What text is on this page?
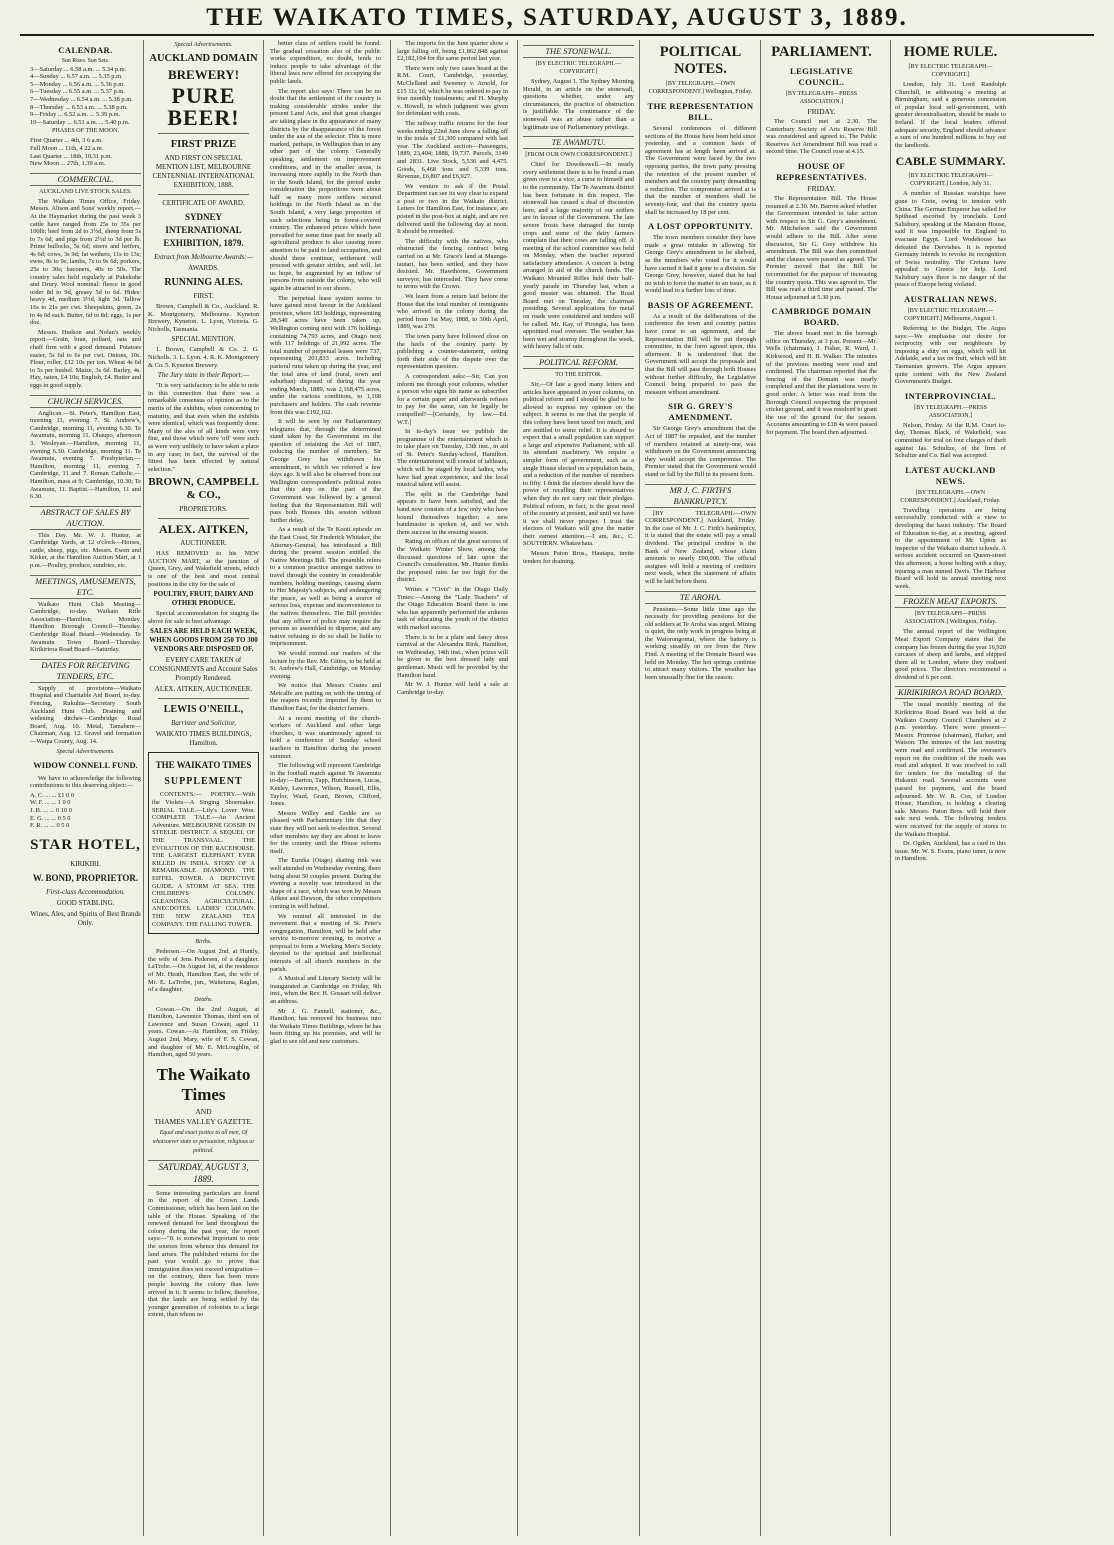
THE WAIKATO TIMES, SATURDAY, AUGUST 3, 1889.
CALENDAR.
Sun Rises. Sun Sets.
3—Saturday ... 6.58 a.m. ... 5.34 p.m.
4—Sunday ... 6.57 a.m. ... 5.35 p.m.
5—Monday ... 6.56 a.m. ... 5.36 p.m.
6—Tuesday ... 6.55 a.m. ... 5.37 p.m.
7—Wednesday ... 6.54 a.m. ... 5.38 p.m.
8—Thursday ... 6.53 a.m. ... 5.38 p.m.
9—Friday ... 6.52 a.m. ... 5.39 p.m.
10—Saturday ... 6.51 a.m. ... 5.40 p.m.
PHASES OF THE MOON.
First Quarter ... 4th, 3 6 a.m.
Full Moon ... 11th, 4 22 a.m.
Last Quarter ... 18th, 10.31 p.m.
New Moon ... 27th, 1.39 a.m.
COMMERCIAL.
AUCKLAND LIVE STOCK SALES.

The Waikato Times Office, Friday. Messrs. Alison and Sons' weekly report.—At the Haymarket during the past week 3 cattle have ranged from 25s to 35s per 100lb; beef from 2d to 3½d, sheep from 5s to 7s 6d, and pigs from 2½d to 3d per lb. Prime bullocks, 5s 6d; steers and heifers, 4s 6d; cows, 3s 9d; fat wethers, 11s to 13s; ewes, 8s to 9s; lambs, 7s to 9s 6d; porkers, 25s to 30s; baconers, 40s to 50s. The country sales held regularly at Pukekohe and Drury. Wool nominal: fleece in good order 8d to 9d, greasy 5d to 6d. Hides: heavy 4d, medium 3½d, light 3d. Tallow 16s to 21s per cwt. Sheepskins, green, 2s to 4s 6d each. Butter, 6d to 8d; eggs, 1s per doz.

Messrs. Hudson and Nolan's weekly report.—Grain, bran, pollard, oats and chaff firm with a good demand. Potatoes easier, 5s 6d to 6s per cwt. Onions, 10s. Flour, roller, £12 10s per ton. Wheat 4s 6d to 5s per bushel. Maize, 3s 6d. Barley, 4s. Hay, oaten, £4 10s; English, £4. Butter and eggs in good supply.

CHURCH SERVICES.

Anglican.—St. Peter's, Hamilton East, morning 11, evening 7. St. Andrew's, Cambridge, morning 11, evening 6.30. Te Awamutu, morning 11. Ohaupo, afternoon 3. Wesleyan.—Hamilton, morning 11, evening 6.30. Cambridge, morning 11. Te Awamutu, evening 7. Presbyterian.—Hamilton, morning 11, evening 7. Cambridge, 11 and 7. Roman Catholic.—Hamilton, mass at 9; Cambridge, 10.30; Te Awamutu, 11. Baptist.—Hamilton, 11 and 6.30.

ABSTRACT OF SALES BY AUCTION.

This Day. Mr. W. J. Hunter, at Cambridge Yards, at 12 o'clock—Horses, cattle, sheep, pigs, etc. Messrs. Ewen and Kirker, at the Hamilton Auction Mart, at 1 p.m.—Poultry, produce, sundries, etc.

MEETINGS, AMUSEMENTS, ETC.

Waikato Hunt Club Meeting—Cambridge, to-day. Waikato Rifle Association—Hamilton, Monday. Hamilton Borough Council—Tuesday. Cambridge Road Board—Wednesday. Te Awamutu Town Board—Thursday. Kirikiriroa Road Board—Saturday.

DATES FOR RECEIVING TENDERS, ETC.

Supply of provisions—Waikato Hospital and Charitable Aid Board, to-day. Fencing, Rukuhia—Secretary South Auckland Hunt Club. Draining and widening ditches—Cambridge Road Board, Aug. 10. Metal, Tamahere—Chairman, Aug. 12. Gravel and formation—Waipa County, Aug. 14.

Special Advertisements.
WIDOW CONNELL FUND.

We have to acknowledge the following contributions to this deserving object:—

A. C. ... ... £1 0 0
W. F. ... ... 1 0 0
J. B. ... ... 0 10 0
E. G. ... ... 0 5 0
F. R. ... ... 0 5 0
STAR HOTEL,
KIRIKIRI.
W. BOND, PROPRIETOR.
First-class Accommodation.
GOOD STABLING.
Wines, Ales, and Spirits of Best Brands Only.
Special Advertisements.
AUCKLAND DOMAIN
BREWERY!
PURE BEER!
FIRST PRIZE
AND FIRST ON SPECIAL MENTION LIST, MELBOURNE CENTENNIAL INTERNATIONAL EXHIBITION, 1888.
CERTIFICATE OF AWARD.
SYDNEY INTERNATIONAL EXHIBITION, 1879.
Extract from Melbourne Awards:—
AWARDS.
RUNNING ALES.
FIRST.

Brown, Campbell & Co., Auckland. R. K. Montgomery, Melbourne. Kyneton Brewery, Kyneton. L. Lyon, Victoria. G. Nicholls, Tasmania.

SPECIAL MENTION.

1. Brown, Campbell & Co. 2. G. Nicholls. 3. L. Lyon. 4. R. K. Montgomery & Co. 5. Kyneton Brewery.

The Jury state in their Report:—

"It is very satisfactory to be able to note in this connection that there was a remarkable consensus of opinion as to the merits of the exhibits, when concerning to maturity, and that even when the exhibits were identical, which was frequently done. Many of the ales of all kinds were very fine, and those which were 'off' were such as were very unlikely to have taken a place in any case; in fact, the survival of the fittest has been effected by natural selection."

BROWN, CAMPBELL & CO.,
PROPRIETORS.
ALEX. AITKEN,
AUCTIONEER.

HAS REMOVED to his NEW AUCTION MART, at the junction of Queen, Grey, and Wakefield streets, which is one of the best and most central positions in the city for the sale of

POULTRY, FRUIT, DAIRY AND OTHER PRODUCE.

Special accommodation for staging the above for sale to best advantage.

SALES ARE HELD EACH WEEK, WHEN GOODS FROM 250 TO 300 VENDORS ARE DISPOSED OF.
EVERY CARE TAKEN of CONSIGNMENTS and Account Sales Promptly Rendered.
ALEX. AITKEN, AUCTIONEER.
LEWIS O'NEILL,
Barrister and Solicitor,
WAIKATO TIMES BUILDINGS, Hamilton.
THE WAIKATO TIMES
SUPPLEMENT

CONTENTS:— POETRY.—With the Violets—A Singing Shoemaker. SERIAL TALE.—Lily's Lover Won. COMPLETE TALE.—An Ancient Adventure. MELBOURNE GOSSIP. IN STEELIE DISTRICT. A SEQUEL OF THE TRANSVAAL. THE EVOLUTION OF THE RACEHORSE. THE LARGEST ELEPHANT EVER KILLED IN INDIA. STORY OF A REMARKABLE DIAMOND. THE EIFFEL TOWER. A DEFECTIVE GUIDE. A STORM AT SEA. THE CHILDREN'S COLUMN. GLEANINGS. AGRICULTURAL. ANECDOTES. LADIES' COLUMN. THE NEW ZEALAND TEA COMPANY. THE FALLING TOWER.

Births.

Pedersen.—On August 2nd, at Huntly, the wife of Jens Pedersen, of a daughter. LaTrobe.—On August 1st, at the residence of Mr. Heath, Hamilton East, the wife of Mr. E. LaTrobe, jun., Waitetuna, Raglan, of a daughter.

Deaths.

Cowan.—On the 2nd August, at Hamilton, Lawrence Thomas, third son of Lawrence and Susan Cowan; aged 11 years. Cowan.—At Hamilton, on Friday, August 2nd, Mary, wife of F. S. Cowan, and daughter of Mr. E. McLoughlin, of Hamilton, aged 50 years.

The Waikato Times
AND
THAMES VALLEY GAZETTE.
Equal and exact justice to all men, Of whatsoever state or persuasion, religious or political.
SATURDAY, AUGUST 3, 1889.

Some interesting particulars are found in the report of the Crown Lands Commissioner, which has been laid on the table of the House. Speaking of the renewed demand for land throughout the colony during the past year, the report says:—"It is somewhat important to note the sources from whence this demand for land arises. The published returns for the past year would go to prove that immigration does not exceed emigration—on the contrary, there has been more people leaving the colony than have arrived in it. It seems to follow, therefore, that the lands are being settled by the younger generation of colonists to a large extent, than whom no

better class of settlers could be found. The gradual cessation also of the public works expenditure, no doubt, tends to induce people to take advantage of the liberal laws now offered for occupying the public lands.

The report also says: There can be no doubt that the settlement of the country is making considerable strides under the present Land Acts, and that great changes are taking place in the appearance of many districts by the disappearance of the forest under the axe of the selector. This is more marked, perhaps, in Wellington than in any other part of the colony. Generally speaking, settlement on improvement conditions, and in the smaller areas, is increasing more rapidly in the North than in the South Island, for the period under consideration the proportions were about half as many more settlers secured holdings in the North Island as in the South Island, a very large proportion of such selections being in forest-covered country. The enhanced prices which have prevailed for some time past for nearly all agricultural produce is also causing more attention to be paid to land occupation, and should these continue, settlement will proceed with greater strides, and will, let us hope, be augmented by an inflow of persons from outside the colony, who will again be attracted to our shores.

The perpetual lease system seems to have gained most favour in the Auckland province, where 183 holdings, representing 28,540 acres have been taken up, Wellington coming next with 176 holdings containing 74,793 acres, and Otago next with 117 holdings of 21,992 acres. The total number of perpetual leases were 737, representing 201,833 acres. Including pastoral runs taken up during the year, and the total area of land (rural, town and suburban) disposed of during the year ending March, 1889, was 2,168,475 acres, under the various conditions, to 1,168 purchasers and holders. The cash revenue from this was £192,162.

It will be seen by our Parliamentary telegrams that, through the determined stand taken by the Government on the question of retaining the Act of 1887, reducing the number of members, Sir George Grey has withdrawn his amendment, to which we referred a few days ago. It will also be observed from our Wellington correspondent's political notes that this step on the part of the Government was followed by a general feeling that the Representation Bill will pass both Houses this session without further delay.

As a result of the Te Kooti episode on the East Coast, Sir Frederick Whitaker, the Attorney-General, has introduced a Bill during the present session entitled the Native Meetings Bill. The preamble refers to a common practice amongst natives to travel through the country in considerable numbers, holding meetings, causing alarm to Her Majesty's subjects, and endangering the peace, as well as being a source of serious loss, expense and inconvenience to the natives themselves. The Bill provides that any officer of police may require the persons so assembled to disperse, and any native refusing to do so shall be liable to imprisonment.

We would remind our readers of the lecture by the Rev. Mr. Gittos, to be held at St. Andrew's Hall, Cambridge, on Monday evening.

We notice that Messrs Coates and Metcalfe are putting on with the timing of the reapers recently imported by them to Hamilton East, for the district farmers.

At a recent meeting of the church-workers of Auckland and other large churches, it was unanimously agreed to hold a conference of Sunday school teachers in Hamilton during the present summer.

The following will represent Cambridge in the football match against Te Awamutu to-day:—Barton, Tapp, Hutchinson, Lucas, Keeley, Lawrence, Wilson, Russell, Ellis, Taylor, Ward, Grant, Brown, Clifford, Jones.

Messrs Willey and Gedde are so pleased with Parliamentary life that they state they will not seek re-election. Several other members say they are about to leave for the country until the House reforms itself.

The Eureka (Otago) skating rink was well attended on Wednesday evening, there being about 50 couples present. During the evening a novelty was introduced in the shape of a race, which was won by Messrs Aitken and Dawson, the other competitors coming in well behind.

We remind all interested in the movement that a meeting of St. Peter's congregation, Hamilton, will be held after service to-morrow evening, to receive a proposal to form a Working Men's Society devoted to the spiritual and intellectual interests of all church members in the parish.

A Musical and Literary Society will be inaugurated at Cambridge on Friday, 9th inst., when the Rev. H. Gossart will deliver an address.

Mr J. G. Fannell, stationer, &c., Hamilton, has removed his business into the Waikato Times Buildings, where he has been fitting up his premises, and will be glad to see old and new customers.

The imports for the June quarter show a large falling off, being £1,862,848 against £2,182,104 for the same period last year.

There were only two cases heard at the R.M. Court, Cambridge, yesterday, McClelland and Sweeney v. Arnold, for £15 11s 1d, which he was ordered to pay in four monthly instalments; and H. Murphy v. Howell, in which judgment was given for defendant with costs.

The railway traffic returns for the four weeks ending 22nd June show a falling off in the totals of £1,300 compared with last year. The Auckland section—Passengers, 1889, 23,404; 1888, 19,737. Parcels, 3149 and 2831. Live Stock, 5,536 and 4,475. Goods, 6,468 tons and 5,339 tons. Revenue, £6,807 and £6,927.

We venture to ask if the Postal Department can see its way clear to expand a post or two in the Waikato district. Letters for Hamilton East, for instance, are posted in the post-box at night, and are not delivered until the following day at noon. It should be remedied.

The difficulty with the natives, who obstructed the fencing contract being carried on at Mr. Grace's land at Maunga-tautari, has been settled, and they have desisted. Mr. Hawthorne, Government surveyor, has interceded. They have come to terms with the Crown.

We learn from a return laid before the House that the total number of immigrants who arrived in the colony during the period from 1st May, 1888, to 30th April, 1889, was 279.

The town party have followed close on the heels of the country party by publishing a counter-statement, setting forth their side of the dispute over the representation question.

A correspondent asks:—Sir, Can you inform me through your columns, whether a person who signs his name as subscriber for a certain paper and afterwards refuses to pay for the same, can he legally be compelled?—[Certainly, by law.—Ed. W.T.]

In to-day's issue we publish the programme of the entertainment which is to take place on Tuesday, 13th inst., in aid of St. Peter's Sunday-school, Hamilton. The entertainment will consist of tableaux, which will be staged by local ladies, who have had great experience, and the local musical talent will assist.

The split in the Cambridge band appears to have been satisfied, and the band now consists of a few only who have bound themselves together; a new bandmaster is spoken of, and we wish them success in the ensuing season.

Rating on offices of the great success of the Waikato Winter Show, among the discussed questions of late upon the Council's consideration. Mr. Hunter thinks the proposed rates far too high for the district.

Writes a "Civis" in the Otago Daily Times:—Among the "Lady Teachers" of the Otago Education Board there is one who has apparently performed the arduous task of educating the youth of the district with marked success.

There is to be a plain and fancy dress carnival at the Alexandra Rink, Hamilton, on Wednesday, 14th inst., when prizes will be given to the best dressed lady and gentleman. Music will be provided by the Hamilton band.

Mr W. J. Hunter will hold a sale at Cambridge to-day.

THE STONEWALL.
[BY ELECTRIC TELEGRAPH.—COPYRIGHT.]

Sydney, August 1. The Sydney Morning Herald, in an article on the stonewall, questions whether, under any circumstances, the practice of obstruction is justifiable. The continuance of the stonewall was an abuse rather than a legitimate use of Parliamentary privilege.

TE AWAMUTU.
[FROM OUR OWN CORRESPONDENT.]

Chief for Dowdeswell.—In nearly every settlement there is to be found a man given over to a vice, a curse to himself and to the community. The Te Awamutu district has been fortunate in this respect. The stonewall has caused a deal of discussion here, and a large majority of our settlers are in favour of the Government. The late severe frosts have damaged the turnip crops and some of the dairy farmers complain that their cows are falling off. A meeting of the school committee was held on Monday, when the teacher reported satisfactory attendance. A concert is being arranged in aid of the church funds. The Waikato Mounted Rifles held their half-yearly parade on Thursday last, when a good muster was obtained. The Road Board met on Tuesday, the chairman presiding. Several applications for metal on roads were considered and tenders will be called. Mr. Kay, of Pirongia, has been appointed road overseer. The weather has been wet and stormy throughout the week, with heavy falls of rain.

POLITICAL REFORM.
TO THE EDITOR.

Sir,—Of late a good many letters and articles have appeared in your columns, on political reform and I should be glad to be allowed to express my opinion on the subject. It seems to me that the people of this colony have been taxed too much, and are entitled to some relief. It is absurd to expect that a small population can support a large and expensive Parliament, with all its attendant machinery. We require a simpler form of government, such as a single House elected on a population basis, and a reduction of the number of members to fifty. I think the electors should have the power of recalling their representatives when they do not carry out their pledges. Political reform, in fact, is the great need of the country at present, and until we have it we shall never prosper. I trust the electors of Waikato will give the matter their earnest attention.—I am, &c., C. SOUTHERN. Whatawhata.

Messrs Paton Bros., Hautapu, invite tenders for draining.

POLITICAL NOTES.
[BY TELEGRAPH.—OWN CORRESPONDENT.] Wellington, Friday.
THE REPRESENTATION BILL.

Several conferences of different sections of the House have been held since yesterday, and a common basis of agreement has at length been arrived at. The Government were faced by the two opposing parties, the town party pressing the retention of the present number of members and the country party demanding a reduction. The compromise arrived at is that the number of members shall be seventy-four, and that the country quota shall be increased by 18 per cent.

A LOST OPPORTUNITY.

The town members consider they have made a great mistake in allowing Sir George Grey's amendment to be shelved, as the members who voted for it would have carried it had it gone to a division. Sir George Grey, however, stated that he had no wish to force the matter to an issue, as it would lead to a further loss of time.

BASIS OF AGREEMENT.

As a result of the deliberations of the conference the town and country parties have come to an agreement, and the Representation Bill will be put through committee, in the form agreed upon, this afternoon. It is understood that the Government will accept the proposals and that the Bill will pass through both Houses without further difficulty, the Legislative Council being prepared to pass the measure without amendment.

SIR G. GREY'S AMENDMENT.

Sir George Grey's amendment that the Act of 1887 be repealed, and the number of members retained at ninety-one, was withdrawn on the Government announcing they would accept the compromise. The Premier stated that the Government would stand or fall by the Bill in its present form.

MR J. C. FIRTH'S BANKRUPTCY.

[BY TELEGRAPH.—OWN CORRESPONDENT.] Auckland, Friday. In the case of Mr. J. C. Firth's bankruptcy, it is stated that the estate will pay a small dividend. The principal creditor is the Bank of New Zealand, whose claim amounts to nearly £90,000. The official assignee will hold a meeting of creditors next week, when the statement of affairs will be laid before them.

TE AROHA.

Pensions.—Some little time ago the necessity for providing pensions for the old soldiers at Te Aroha was urged. Mining is quiet, the only work in progress being at the Waiorongomai, where the battery is working steadily on ore from the New Find. A meeting of the Domain Board was held on Monday. The hot springs continue to attract many visitors. The weather has been unusually fine for the season.

PARLIAMENT.
LEGISLATIVE COUNCIL.
[BY TELEGRAPH—PRESS ASSOCIATION.]
FRIDAY.

The Council met at 2.30. The Canterbury Society of Arts Reserve Bill was considered and agreed to. The Public Reserves Act Amendment Bill was read a second time. The Council rose at 4.15.

HOUSE OF REPRESENTATIVES.
FRIDAY.

The Representation Bill. The House resumed at 2.30. Mr. Barron asked whether the Government intended to take action with respect to Sir G. Grey's amendment. Mr. Mitchelson said the Government would adhere to the Bill. After some discussion, Sir G. Grey withdrew his amendment. The Bill was then committed and the clauses were passed as agreed. The Premier moved that the Bill be recommitted for the purpose of increasing the country quota. This was agreed to. The Bill was read a third time and passed. The House adjourned at 5.30 p.m.

CAMBRIDGE DOMAIN BOARD.

The above board met in the borough office on Thursday, at 3 p.m. Present—Mr. Wells (chairman), J. Fisher, R. Ward, J. Kirkwood, and H. B. Walker. The minutes of the previous meeting were read and confirmed. The chairman reported that the fencing of the Domain was nearly completed and that the plantations were in good order. A letter was read from the Borough Council respecting the proposed cricket ground, and it was resolved to grant the use of the ground for the season. Accounts amounting to £18 4s were passed for payment. The board then adjourned.

HOME RULE.
[BY ELECTRIC TELEGRAPH—COPYRIGHT.]

London, July 31. Lord Randolph Churchill, in addressing a meeting at Birmingham, said a generous concession of popular local self-government, with greater decentralisation, should be made to Ireland. If the local leaders offered adequate security, England should advance a sum of one hundred millions to buy out the landlords.

CABLE SUMMARY.
[BY ELECTRIC TELEGRAPH—COPYRIGHT.] London, July 31.

A number of Russian warships have gone to Crete, owing to tension with China. The German Emperor has sailed for Spithead escorted by ironclads. Lord Salisbury, speaking at the Mansion House, said it was impossible for England to evacuate Egypt. Lord Wodehouse has defeated the Dervishes. It is reported Germany intends to revoke its recognition of Swiss neutrality. The Cretans have appealed to Greece for help. Lord Salisbury says there is no danger of the peace of Europe being violated.

AUSTRALIAN NEWS.
[BY ELECTRIC TELEGRAPH.—COPYRIGHT.] Melbourne, August 1.

Referring to the Budget, The Argus says:—We emphasise our desire for reciprocity with our neighbours by imposing a duty on eggs, which will hit Adelaide, and a tax on fruit, which will hit Tasmanian growers. The Argus appears quite content with the New Zealand Government's Budget.

INTERPROVINCIAL.
[BY TELEGRAPH.—PRESS ASSOCIATION.]

Nelson, Friday. At the R.M. Court to-day, Thomas Black, of Wakefield, was committed for trial on four charges of theft against Jas. Schultze, of the firm of Schultze and Co. Bail was accepted.

LATEST AUCKLAND NEWS.
[BY TELEGRAPH.—OWN CORRESPONDENT.] Auckland, Friday.

Travelling operations are being successfully conducted with a view to developing the kauri industry. The Board of Education to-day, at a meeting, agreed to the appointment of Mr. Upton as inspector of the Waikato district schools. A serious accident occurred on Queen-street this afternoon, a horse bolting with a dray, injuring a man named Davis. The Harbour Board will hold its annual meeting next week.

FROZEN MEAT EXPORTS.
[BY TELEGRAPH—PRESS ASSOCIATION.] Wellington, Friday.

The annual report of the Wellington Meat Export Company states that the company has frozen during the year 16,920 carcases of sheep and lambs, and shipped them all to London, where they realised good prices. The directors recommend a dividend of 6 per cent.

KIRIKIRIROA ROAD BOARD.

The usual monthly meeting of the Kirikiriroa Road Board was held at the Waikato County Council Chambers at 2 p.m. yesterday. There were present—Messrs. Primrose (chairman), Harker, and Watson. The minutes of the last meeting were read and confirmed. The overseer's report on the condition of the roads was read and adopted. It was resolved to call for tenders for the metalling of the Hukanui road. Several accounts were passed for payment, and the board adjourned. Mr. W. R. Cox, of London House, Hamilton, is holding a clearing sale. Messrs. Paton Bros. will hold their sale next week. The following tenders were received for the supply of stores to the Waikato Hospital.

Dr. Ogden, Auckland, has a card in this issue. Mr. W. S. Evans, piano tuner, is now in Hamilton.
